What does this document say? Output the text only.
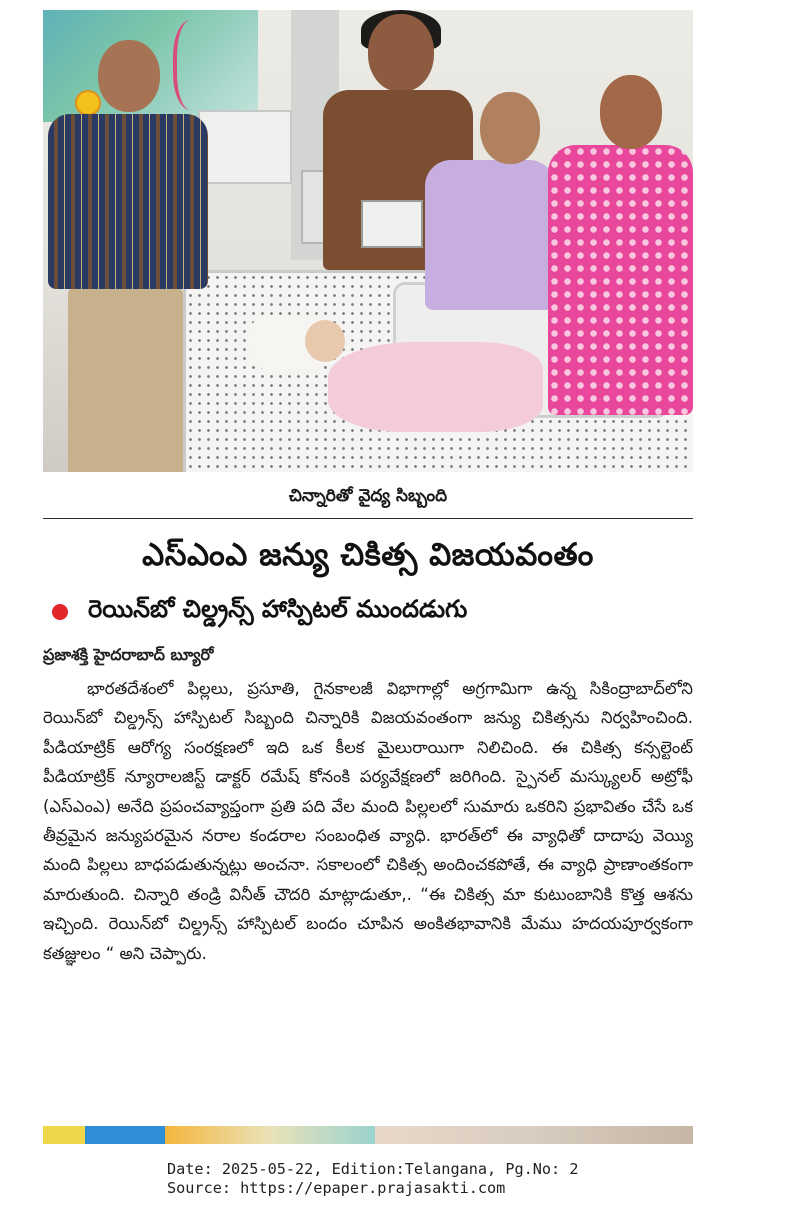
చిన్నారితో వైద్య సిబ్బంది
ఎస్ఎంఎ జన్యు చికిత్స విజయవంతం
రెయిన్‌బో చిల్డ్రన్స్ హాస్పిటల్ ముందడుగు
ప్రజాశక్తి హైదరాబాద్ బ్యూరో
భారతదేశంలో పిల్లలు, ప్రసూతి, గైనకాలజీ విభాగాల్లో అగ్రగామిగా ఉన్న సికింద్రాబాద్‌లోని రెయిన్‌బో చిల్డ్రన్స్ హాస్పిటల్ సిబ్బంది చిన్నారికి విజయవంతంగా జన్యు చికిత్సను నిర్వహించింది. పీడియాట్రిక్ ఆరోగ్య సంరక్షణలో ఇది ఒక కీలక మైలురాయిగా నిలిచింది. ఈ చికిత్స కన్సల్టెంట్ పీడియాట్రిక్ న్యూరాలజిస్ట్ డాక్టర్ రమేష్ కోనంకి పర్యవేక్షణలో జరిగింది. స్పైనల్ మస్క్యులర్ అట్రోఫీ (ఎస్ఎంఎ) అనేది ప్రపంచవ్యాప్తంగా ప్రతి పది వేల మంది పిల్లలలో సుమారు ఒకరిని ప్రభావితం చేసే ఒక తీవ్రమైన జన్యుపరమైన నరాల కండరాల సంబంధిత వ్యాధి. భారత్‌లో ఈ వ్యాధితో దాదాపు వెయ్యి మంది పిల్లలు బాధపడుతున్నట్లు అంచనా. సకాలంలో చికిత్స అందించకపోతే, ఈ వ్యాధి ప్రాణాంతకంగా మారుతుంది. చిన్నారి తండ్రి వినీత్ చౌదరి మాట్లాడుతూ,. “ఈ చికిత్స మా కుటుంబానికి కొత్త ఆశను ఇచ్చింది. రెయిన్‌బో చిల్డ్రన్స్ హాస్పిటల్ బందం చూపిన అంకితభావానికి మేము హదయపూర్వకంగా కతజ్ఞులం “ అని చెప్పారు.
Date: 2025-05-22, Edition:Telangana, Pg.No: 2
Source: https://epaper.prajasakti.com
